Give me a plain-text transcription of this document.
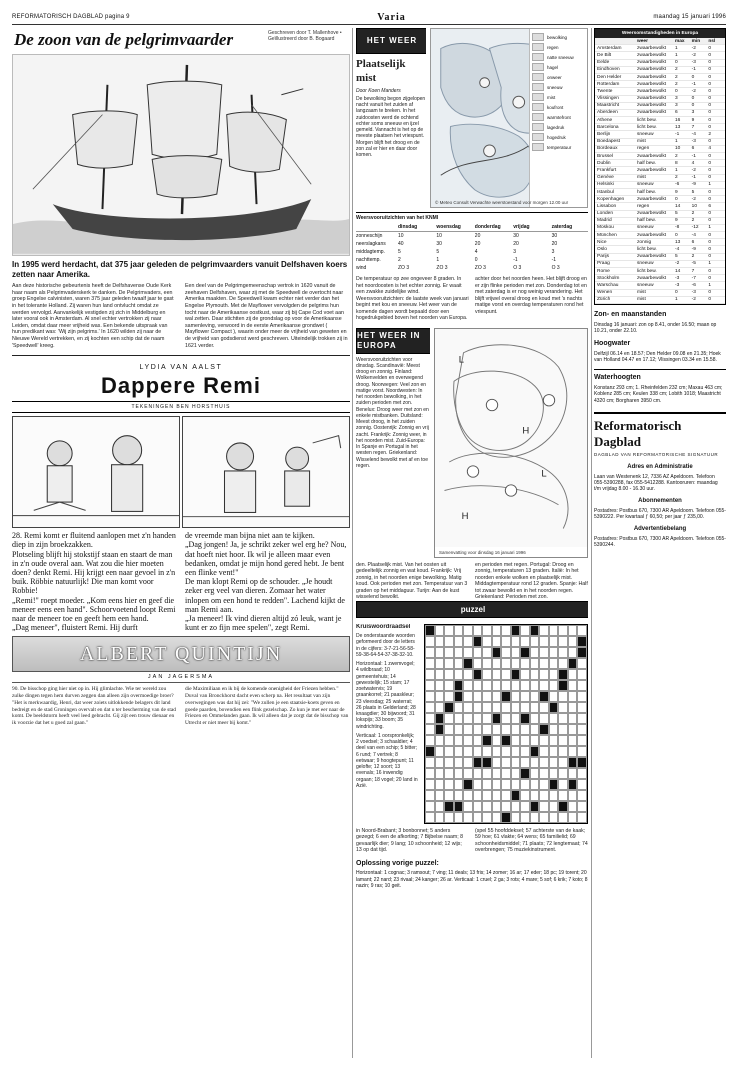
REFORMATORISCH DAGBLAD pagina 9	Varia	maandag 15 januari 1996
De zoon van de pelgrimvaarder	Geschreven door T. Mallenhove • Geïllustreerd door B. Bogaard
In 1995 werd herdacht, dat 375 jaar geleden de pelgrimvaarders vanuit Delfshaven koers zetten naar Amerika.
Aan deze historische gebeurtenis heeft de Delfshavense Oude Kerk haar naam als Pelgrimvaderskerk te danken. De Pelgrimvaders, een groep Engelse calvinisten, waren 375 jaar geleden twaalf jaar te gast in het tolerante Holland. Zij waren hun land ontvlucht omdat ze werden vervolgd. Aanvankelijk vestigden zij zich in Middelburg en later vooral ook in Amsterdam. Al snel echter vertrokken zij naar Leiden, omdat daar meer vrijheid was. Een bekende uitspraak van hun predikant was: 'Wij zijn pelgrims.' In 1620 wilden zij naar de Nieuwe Wereld vertrekken, en zij kochten een schip dat de naam 'Speedwell' kreeg.
Een deel van de Pelgrimgemeenschap vertrok in 1620 vanuit de zeehaven Delfshaven, waar zij met de Speedwell de overtocht naar Amerika maakten. De Speedwell kwam echter niet verder dan het Engelse Plymouth. Met de Mayflower vervolgden de pelgrims hun tocht naar de Amerikaanse oostkust, waar zij bij Cape Cod voet aan wal zetten. Daar stichtten zij de grondslag op voor de Amerikaanse samenleving, verwoord in de eerste Amerikaanse grondwet ( Mayflower Compact ), waarin onder meer de vrijheid van geweten en de vrijheid van godsdienst werd geschreven. Uiteindelijk trokken zij in 1621 verder.
LYDIA VAN AALST
Dappere Remi
TEKENINGEN BEN HORSTHUIS
28. Remi komt er fluitend aanlopen met z'n handen diep in zijn broekzakken.
Plotseling blijft hij stokstijf staan en staart de man in z'n oude overal aan. Wat zou die hier moeten doen? denkt Remi. Hij krijgt een naar gevoel in z'n buik. Röbbie natuurlijk! Die man komt voor Robbie!
„Remi!" roept moeder. „Kom eens hier en geef die meneer eens een hand". Schoorvoetend loopt Remi naar de meneer toe en geeft hem een hand.
„Dag meneer", fluistert Remi. Hij durft
de vreemde man bijna niet aan te kijken.
„Dag jongen! Ja, je schrikt zeker wel erg he? Nou, dat hoeft niet hoor. Ik wil je alleen maar even bedanken, omdat je mijn hond gered hebt. Je bent een flinke vent!"
De man klopt Remi op de schouder. „Je houdt zeker erg veel van dieren. Zomaar het water inlopen om een hond te redden". Lachend kijkt de man Remi aan.
„Ja meneer! Ik vind dieren altijd zó leuk, want je kunt er zo fijn mee spelen", zegt Remi.
ALBERT QUINTIJN
JAN JAGERSMA
90. De bisschop ging hier niet op in. Hij glimlachte. Wie ter wereld zou zulke dingen tegen hem durven zeggen dan alleen zijn overmoedige broer? "Het is merkwaardig, Henri, dat weer zoiets uitlokkende belagers dit land bedreigt en de stad Groningen overvalt en dat u ter bescherming van de stad komt. De beeldstorm heeft veel leed gebracht. Gij zijt een trouw dienaar en ik voorzie dat het u goed zal gaan."
die Maximiliaan en ik bij de komende onenigheid der Friezen hebben." Duval van Bronckhorst dacht even scherp na. Het resultaat van zijn overwegingen was dat hij zei: "We zullen je een staatsie-koets geven en goede paarden, bovendien een flink gezelschap. Zo kun je met eer naar de Friezen en Ommelanden gaan. Ik wil alleen dat je zorgt dat de bisschop van Utrecht er niet meer bij komt."
HET WEER
Plaatselijk mist
Door Koen Manders
De bewolking begon zijgelopen nacht vanuit het zuiden af langzaam te breken. In het zuidoosten werd de ochtend echter soms sneeuw en ijzel gemeld. Vannacht is het op de meeste plaatsen het vriespunt. Morgen blijft het droog en de zon zal er hier en daar door komen.
bewolking
regen
natte sneeuw
hagel
onweer
sneeuw
mist
koufront
warmtefront
lagedruk
hogedruk
temperatuur
© Meteo Consult Verwachte weerstoestand voor morgen 12.00 uur
Weersvooruitzichten van het KNMI
dinsdag	woensdag	donderdag	vrijdag	zaterdag
zonneschijn	10	10	20	30	30
neerslagkans	40	30	20	20	20
middagtemp.	5	5	4	3	3
nachttemp.	2	1	0	-1	-1
wind	ZO 3	ZO 3	ZO 3	O 3	O 3
De temperatuur op zee ongeveer 8 graden. In het noordoosten is het echter zonnig. Er waait een zwakke zuidelijke wind. Weersvooruitzichten: de laatste week van januari begint met kou en sneeuw. Het weer van de komende dagen wordt bepaald door een hogedrukgebied boven het noorden van Europa.
achter door het noorden heen. Het blijft droog en er zijn flinke perioden met zon. Donderdag tot en met zaterdag is er nog weinig verandering. Het blijft vrijwel overal droog en koud met 's nachts matige vorst en overdag temperaturen rond het vriespunt.
HET WEER IN EUROPA
Weersvooruitzichten voor dinsdag. Scandinavië: Meest droog en zonnig. Finland: Wolkenvelden en overwegend droog. Noorwegen: Veel zon en matige vorst. Noordwesten: In het noorden bewolking, in het zuiden perioden met zon. Benelux: Droog weer met zon en enkele mistbanken. Duitsland: Meest droog, in het zuiden zonnig. Oostenrijk: Zonnig en vrij zacht. Frankrijk: Zonnig weer, in het noorden mist. Zuid-Europa: In Spanje en Portugal in het westen regen. Griekenland: Wisselend bewolkt met af en toe regen.
L
H
H
L
Samenvatting voor dinsdag 16 januari 1996
den. Plaatselijk mist. Van het oosten uit gedeeltelijk zonnig en wat koud. Frankrijk: Vrij zonnig, in het noorden enige bewolking. Matig koud. Ook perioden met zon. Temperatuur van 3 graden op het middaguur. Turijn: Aan de kust wisselend bewolkt.
en perioden met regen. Portugal: Droog en zonnig, temperaturen 13 graden. Italië: In het noorden enkele wolken en plaatselijk mist. Middagtemperatuur rond 12 graden. Spanje: Half tot zwaar bewolkt en in het noorden regen. Griekenland: Perioden met zon.
puzzel
Kruiswoordraadsel
De onderstaande woorden geformeerd door de letters in de cijfers: 3-7-21-56-58-59-38-64-54-37-38-32-10.
Horizontaal: 1 zwemvogel; 4 wildbraad; 10 gemeentehuis; 14 gewestelijk; 15 stam; 17 zoetwatervis; 19 graankorrel; 21 paaskleur; 23 vleesdag; 25 waterrat; 26 plaats in Gelderland; 28 knaagdier; 30 bijwoord; 31 lokspijs; 33 boom; 35 windrichting.
Verticaal: 1 oorspronkelijk; 2 voedsel; 3 schaaldier; 4 deel van een schip; 5 bitter; 6 rund; 7 vertrek; 8 eetwaar; 9 hoogtepunt; 11 gelofte; 12 soort; 13 evenals; 16 inwendig orgaan; 18 vogel; 20 land in Azië.
in Noord-Brabant; 3 bonbonnet; 5 anders gezegd; 6 een de afkorting; 7 Bijbelse naam; 8 gevaarlijk dier; 9 lang; 10 schoonheid; 12 wijs; 13 op dat tijd.
(spel 55 hoofddeksel; 57 achterste van de kaak; 59 hoe; 61 vlakte; 64 wens; 65 familielid; 69 schoonheidsmiddel; 71 plaats; 72 lengtemaat; 74 overbrengen; 75 muziekinstrument.
Oplossing vorige puzzel:
Horizontaal: 1 cognac; 3 ramsout; 7 ving; 11 deals; 13 fris; 14 zomer; 16 ar; 17 eder; 18 pc; 19 torent; 20 lamant; 22 nard; 23 rivaal; 24 kanger; 26 ar. Verticaal: 1 cruel; 2 ga; 3 rots; 4 mare; 5 sof; 6 krik; 7 koto; 8 nazin; 9 ras; 10 geit.
Weersomstandigheden in Europa
weer	max	min	nsl
Amsterdam	zwaarbewolkt	1	-2	0
De Bilt	zwaarbewolkt	1	-2	0
Eelde	zwaarbewolkt	0	-3	0
Eindhoven	zwaarbewolkt	2	-1	0
Den Helder	zwaarbewolkt	2	0	0
Rotterdam	zwaarbewolkt	2	-1	0
Twente	zwaarbewolkt	0	-2	0
Vlissingen	zwaarbewolkt	3	0	0
Maastricht	zwaarbewolkt	3	0	0
Aberdeen	zwaarbewolkt	6	3	0
Athene	licht bew.	16	9	0
Barcelona	licht bew.	13	7	0
Berlijn	sneeuw	-1	-4	2
Boedapest	mist	1	-3	0
Bordeaux	regen	10	6	4
Brussel	zwaarbewolkt	2	-1	0
Dublin	half bew.	8	4	0
Frankfurt	zwaarbewolkt	1	-2	0
Genève	mist	2	-1	0
Helsinki	sneeuw	-6	-9	1
Istanbul	half bew.	9	5	0
Kopenhagen	zwaarbewolkt	0	-2	0
Lissabon	regen	14	10	6
Londen	zwaarbewolkt	5	2	0
Madrid	half bew.	9	2	0
Moskou	sneeuw	-8	-12	1
München	zwaarbewolkt	0	-4	0
Nice	zonnig	13	6	0
Oslo	licht bew.	-4	-9	0
Parijs	zwaarbewolkt	5	2	0
Praag	sneeuw	-2	-5	1
Rome	licht bew.	14	7	0
Stockholm	zwaarbewolkt	-3	-7	0
Warschau	sneeuw	-3	-6	1
Wenen	mist	0	-3	0
Zürich	mist	1	-2	0
Zon- en maanstanden
Dinsdag 16 januari: zon op 8.41, onder 16.50; maan op 10.21, onder 22.10.
Hoogwater
Delfzijl 06.14 en 18.57; Den Helder 09.08 en 21.35; Hoek van Holland 04.47 en 17.12; Vlissingen 03.34 en 15.58.
Waterhoogten
Konstanz 293 cm; 1. Rheinfelden 232 cm; Maxau 463 cm; Koblenz 285 cm; Keulen 338 cm; Lobith 1018; Maastricht 4320 cm; Borgharen 3950 cm.
Reformatorisch Dagblad
DAGBLAD VAN REFORMATORISCHE SIGNATUUR
Adres en Administratie
Laan van Westenenk 12, 7336 AZ Apeldoorn. Telefoon 055-5390288, fax 055-5412288. Kantooruren: maandag t/m vrijdag 8.00 - 16.30 uur.
Abonnementen
Postadres: Postbus 670, 7300 AR Apeldoorn. Telefoon 055-5390222. Per kwartaal ƒ 60,50; per jaar ƒ 235,00.
Advertentiebelang
Postadres: Postbus 670, 7300 AR Apeldoorn. Telefoon 055-5390244.
